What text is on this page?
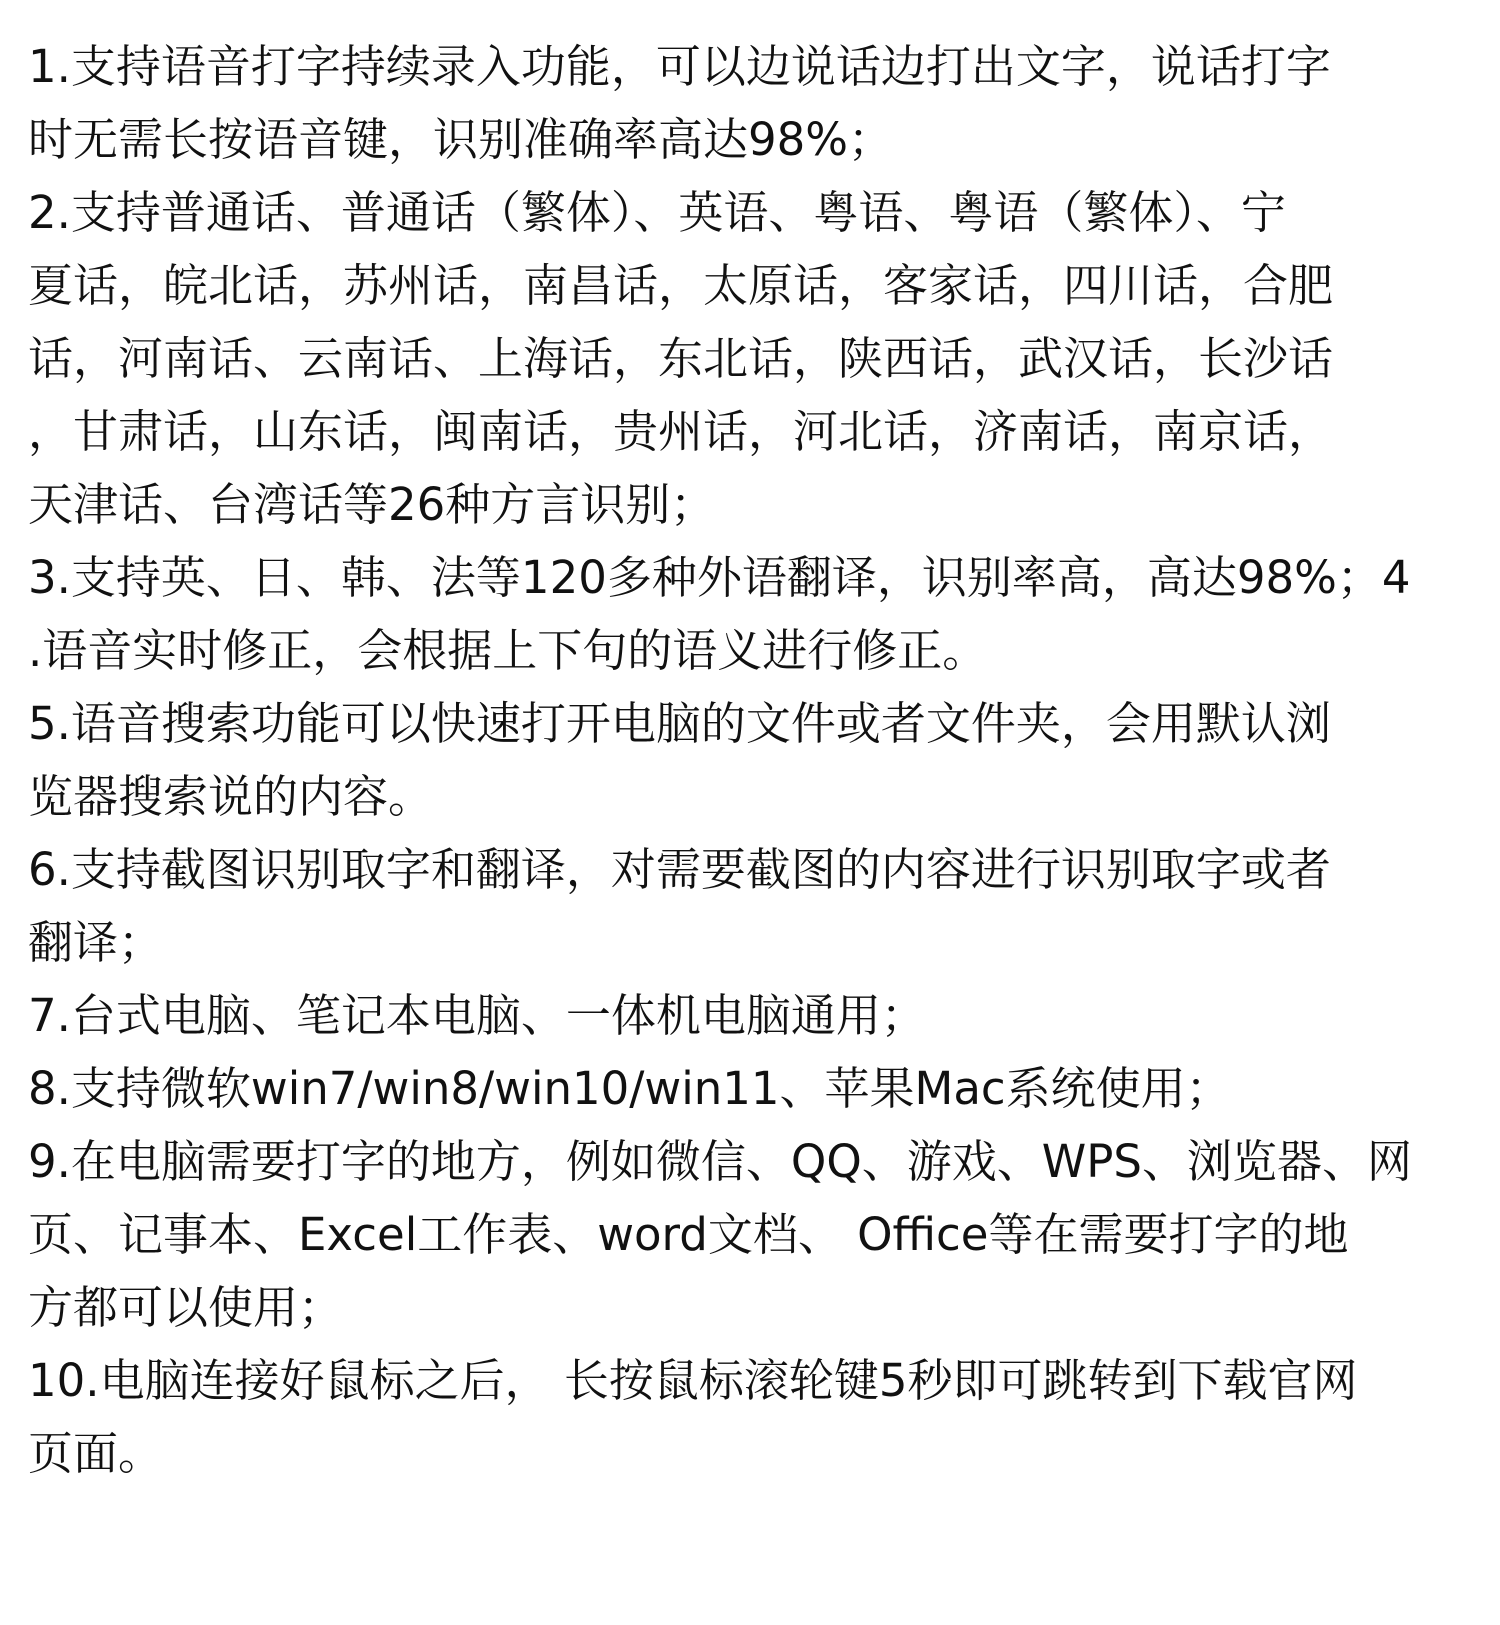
1.支持语音打字持续录入功能，可以边说话边打出文字，说话打字
时无需长按语音键，识别准确率高达98%；
2.支持普通话、普通话（繁体）、英语、粤语、粤语（繁体）、宁
夏话，皖北话，苏州话，南昌话，太原话，客家话，四川话，合肥
话，河南话、云南话、上海话，东北话，陕西话，武汉话，长沙话
，甘肃话，山东话，闽南话，贵州话，河北话，济南话，南京话，
天津话、台湾话等26种方言识别；
3.支持英、日、韩、法等120多种外语翻译，识别率高，高达98%；4
.语音实时修正，会根据上下句的语义进行修正。
5.语音搜索功能可以快速打开电脑的文件或者文件夹，会用默认浏
览器搜索说的内容。
6.支持截图识别取字和翻译，对需要截图的内容进行识别取字或者
翻译；
7.台式电脑、笔记本电脑、一体机电脑通用；
8.支持微软win7/win8/win10/win11、苹果Mac系统使用；
9.在电脑需要打字的地方，例如微信、QQ、游戏、WPS、浏览器、网
页、记事本、Excel工作表、word文档、 Office等在需要打字的地
方都可以使用；
10.电脑连接好鼠标之后， 长按鼠标滚轮键5秒即可跳转到下载官网
页面。
